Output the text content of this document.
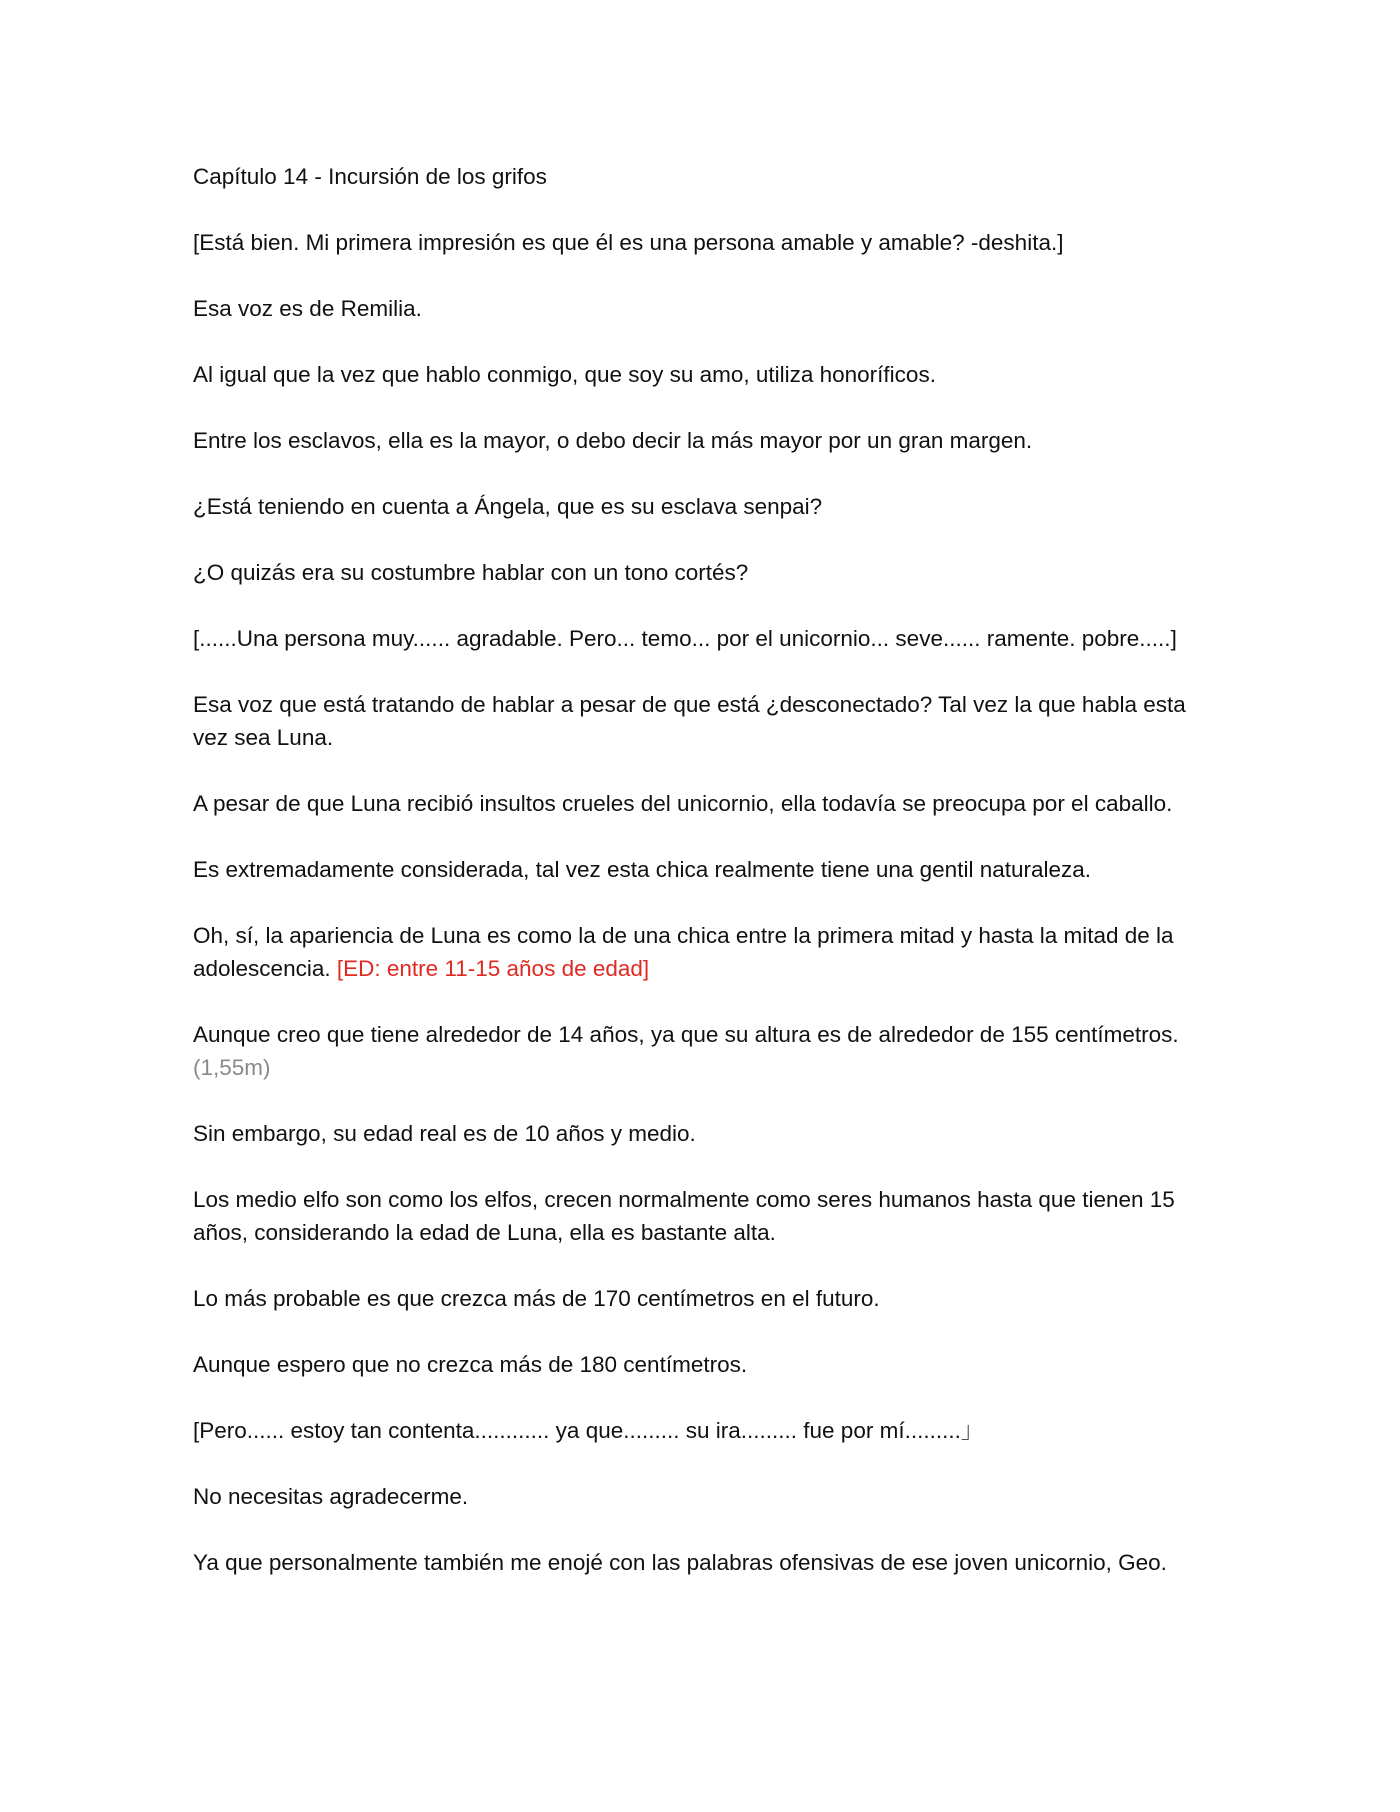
Capítulo 14 - Incursión de los grifos

[Está bien. Mi primera impresión es que él es una persona amable y amable? -deshita.]

Esa voz es de Remilia.

Al igual que la vez que hablo conmigo, que soy su amo, utiliza honoríficos.

Entre los esclavos, ella es la mayor, o debo decir la más mayor por un gran margen.

¿Está teniendo en cuenta a Ángela, que es su esclava senpai?

¿O quizás era su costumbre hablar con un tono cortés?

[......Una persona muy...... agradable. Pero... temo... por el unicornio... seve...... ramente. pobre.....]

Esa voz que está tratando de hablar a pesar de que está ¿desconectado? Tal vez la que habla esta vez sea Luna.

A pesar de que Luna recibió insultos crueles del unicornio, ella todavía se preocupa por el caballo.

Es extremadamente considerada, tal vez esta chica realmente tiene una gentil naturaleza.

Oh, sí, la apariencia de Luna es como la de una chica entre la primera mitad y hasta la mitad de la adolescencia. [ED: entre 11-15 años de edad]

Aunque creo que tiene alrededor de 14 años, ya que su altura es de alrededor de 155 centímetros. (1,55m)

Sin embargo, su edad real es de 10 años y medio.

Los medio elfo son como los elfos, crecen normalmente como seres humanos hasta que tienen 15 años, considerando la edad de Luna, ella es bastante alta.

Lo más probable es que crezca más de 170 centímetros en el futuro.

Aunque espero que no crezca más de 180 centímetros.

[Pero...... estoy tan contenta............ ya que......... su ira......... fue por mí.........」

No necesitas agradecerme.

Ya que personalmente también me enojé con las palabras ofensivas de ese joven unicornio, Geo.
